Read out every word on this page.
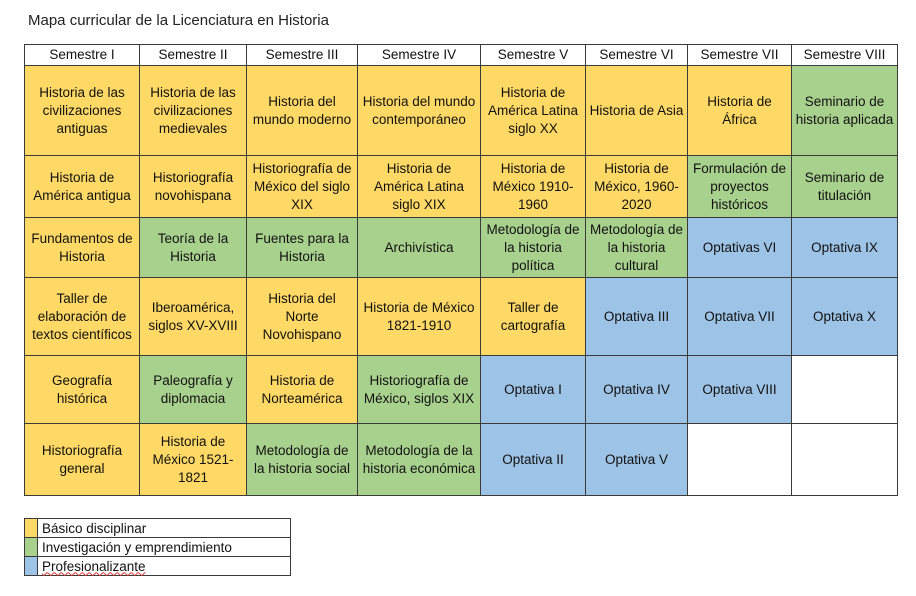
Mapa curricular de la Licenciatura en Historia
Semestre I	Semestre II	Semestre III	Semestre IV	Semestre V	Semestre VI	Semestre VII	Semestre VIII
Historia de las civilizaciones antiguas	Historia de las civilizaciones medievales	Historia del mundo moderno	Historia del mundo contemporáneo	Historia de América Latina siglo XX	Historia de Asia	Historia de África	Seminario de historia aplicada
Historia de América antigua	Historiografía novohispana	Historiografía de México del siglo XIX	Historia de América Latina siglo XIX	Historia de México 1910-1960	Historia de México, 1960-2020	Formulación de proyectos históricos	Seminario de titulación
Fundamentos de Historia	Teoría de la Historia	Fuentes para la Historia	Archivística	Metodología de la historia política	Metodología de la historia cultural	Optativas VI	Optativa IX
Taller de elaboración de textos científicos	Iberoamérica, siglos XV-XVIII	Historia del Norte Novohispano	Historia de México 1821-1910	Taller de cartografía	Optativa III	Optativa VII	Optativa X
Geografía histórica	Paleografía y diplomacia	Historia de Norteamérica	Historiografía de México, siglos XIX	Optativa I	Optativa IV	Optativa VIII	
Historiografía general	Historia de México 1521-1821	Metodología de la historia social	Metodología de la historia económica	Optativa II	Optativa V		
	Básico disciplinar
	Investigación y emprendimiento
	Profesionalizante
